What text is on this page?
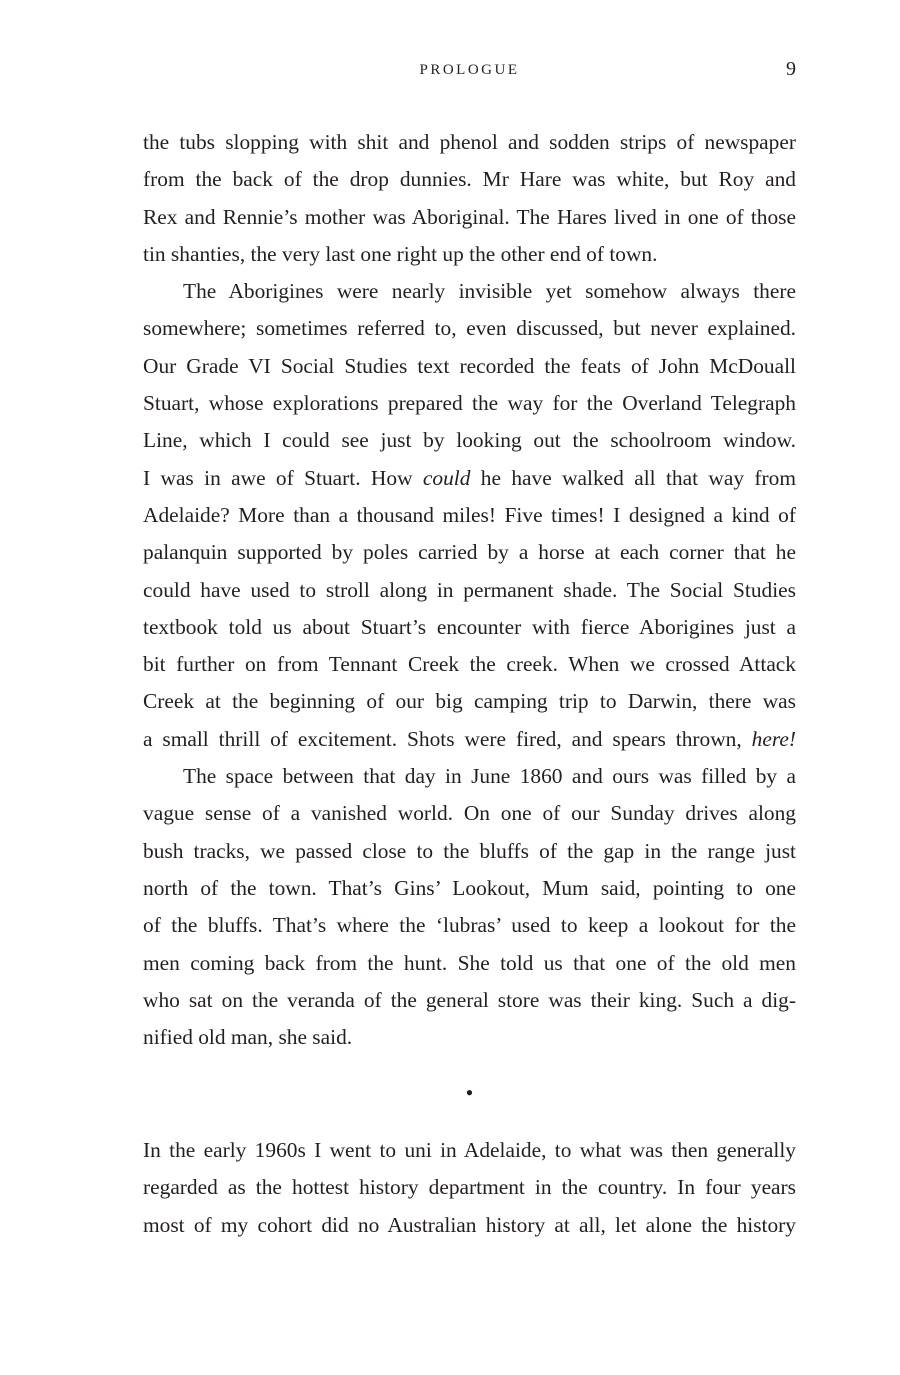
PROLOGUE	9
the tubs slopping with shit and phenol and sodden strips of newspaper
from the back of the drop dunnies. Mr Hare was white, but Roy and
Rex and Rennie’s mother was Aboriginal. The Hares lived in one of those
tin shanties, the very last one right up the other end of town.
The Aborigines were nearly invisible yet somehow always there
somewhere; sometimes referred to, even discussed, but never explained.
Our Grade VI Social Studies text recorded the feats of John McDouall
Stuart, whose explorations prepared the way for the Overland Telegraph
Line, which I could see just by looking out the schoolroom window.
I was in awe of Stuart. How could he have walked all that way from
Adelaide? More than a thousand miles! Five times! I designed a kind of
palanquin supported by poles carried by a horse at each corner that he
could have used to stroll along in permanent shade. The Social Studies
textbook told us about Stuart’s encounter with fierce Aborigines just a
bit further on from Tennant Creek the creek. When we crossed Attack
Creek at the beginning of our big camping trip to Darwin, there was
a small thrill of excitement. Shots were fired, and spears thrown, here!
The space between that day in June 1860 and ours was filled by a
vague sense of a vanished world. On one of our Sunday drives along
bush tracks, we passed close to the bluffs of the gap in the range just
north of the town. That’s Gins’ Lookout, Mum said, pointing to one
of the bluffs. That’s where the ‘lubras’ used to keep a lookout for the
men coming back from the hunt. She told us that one of the old men
who sat on the veranda of the general store was their king. Such a dig-
nified old man, she said.
•
In the early 1960s I went to uni in Adelaide, to what was then generally
regarded as the hottest history department in the country. In four years
most of my cohort did no Australian history at all, let alone the history
